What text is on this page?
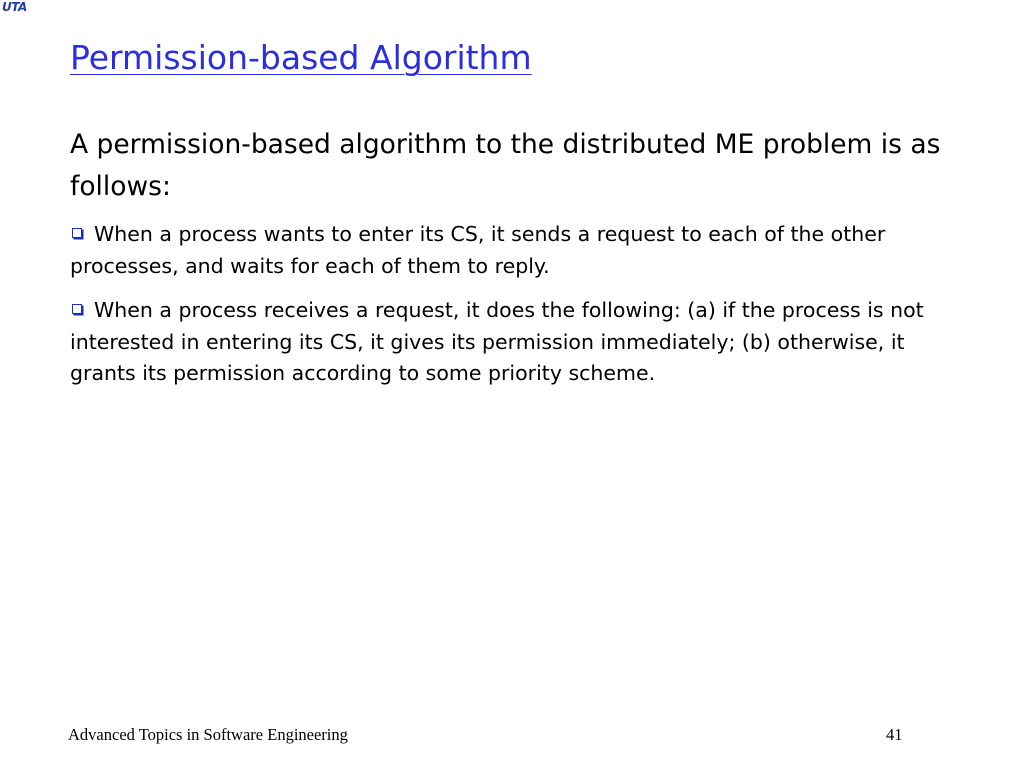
UTA
Permission-based Algorithm

A permission-based algorithm to the distributed ME problem is as follows:

When a process wants to enter its CS, it sends a request to each of the other processes, and waits for each of them to reply.

When a process receives a request, it does the following: (a) if the process is not interested in entering its CS, it gives its permission immediately; (b) otherwise, it grants its permission according to some priority scheme.

Advanced Topics in Software Engineering	41
